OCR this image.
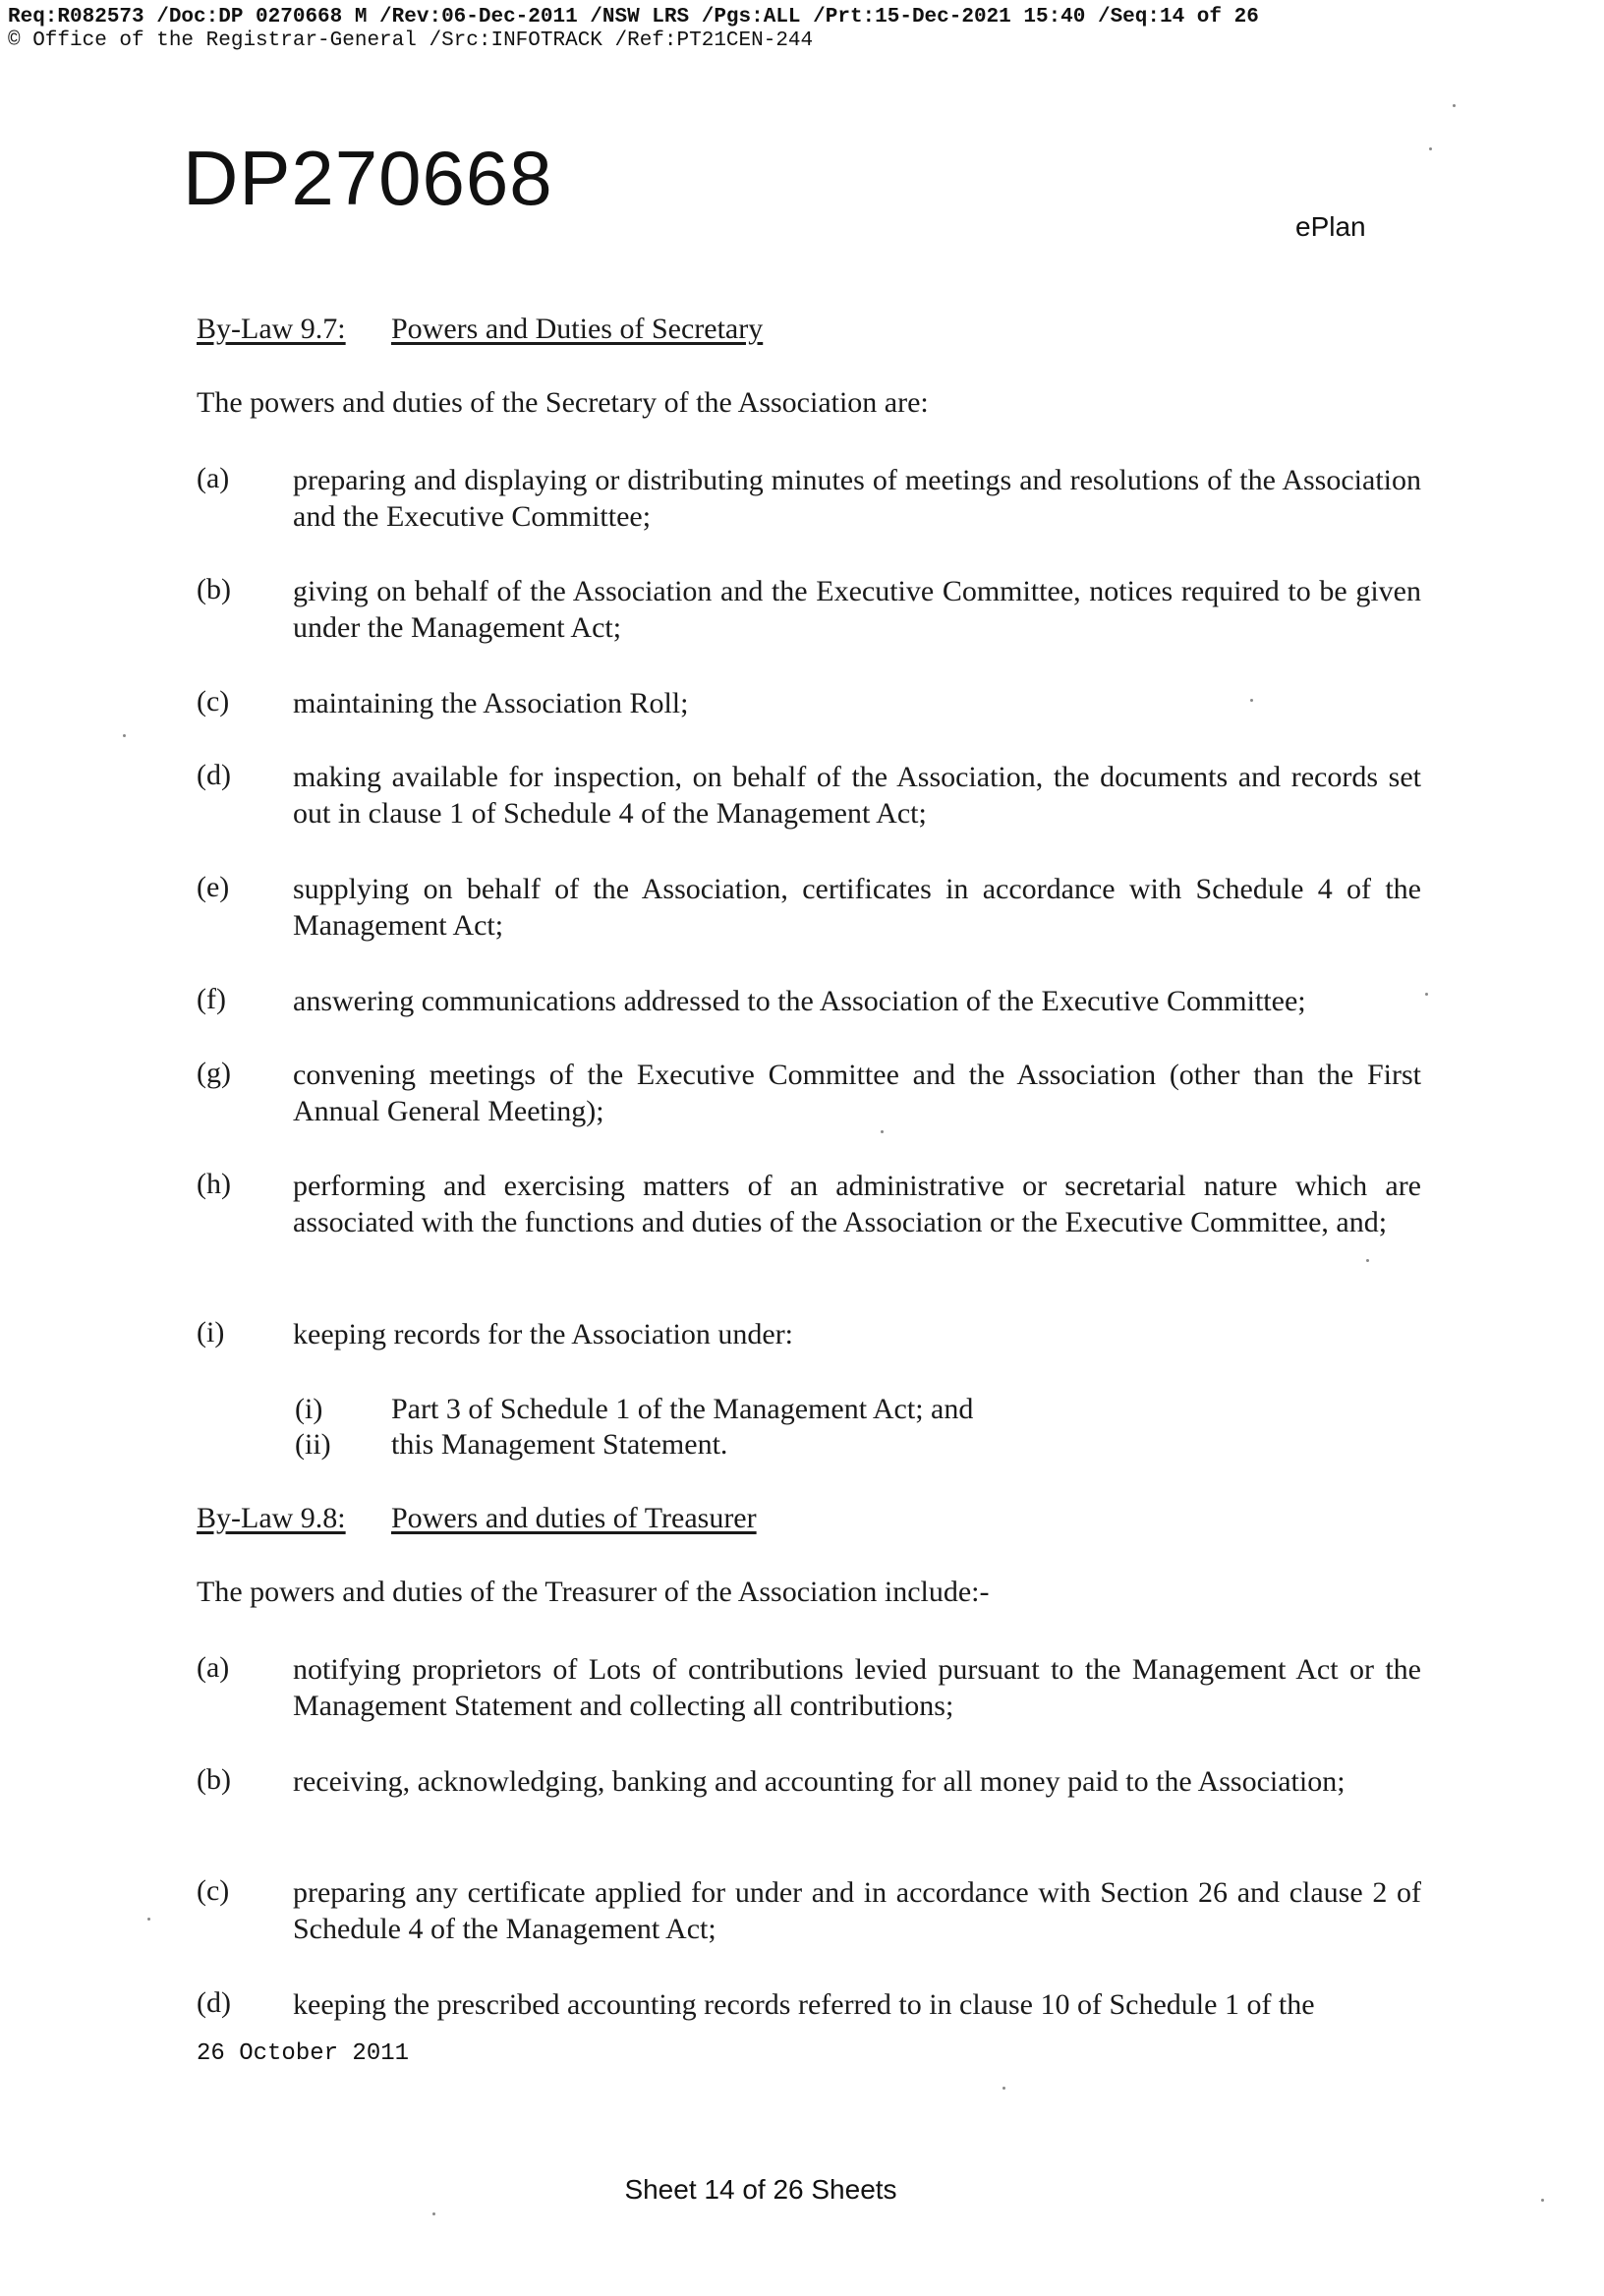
Req:R082573 /Doc:DP 0270668 M /Rev:06-Dec-2011 /NSW LRS /Pgs:ALL /Prt:15-Dec-2021 15:40 /Seq:14 of 26
© Office of the Registrar-General /Src:INFOTRACK /Ref:PT21CEN-244
DP270668
ePlan
By-Law 9.7: Powers and Duties of Secretary
The powers and duties of the Secretary of the Association are:
(a) preparing and displaying or distributing minutes of meetings and resolutions of the Association and the Executive Committee;
(b) giving on behalf of the Association and the Executive Committee, notices required to be given under the Management Act;
(c) maintaining the Association Roll;
(d) making available for inspection, on behalf of the Association, the documents and records set out in clause 1 of Schedule 4 of the Management Act;
(e) supplying on behalf of the Association, certificates in accordance with Schedule 4 of the Management Act;
(f) answering communications addressed to the Association of the Executive Committee;
(g) convening meetings of the Executive Committee and the Association (other than the First Annual General Meeting);
(h) performing and exercising matters of an administrative or secretarial nature which are associated with the functions and duties of the Association or the Executive Committee, and;
(i) keeping records for the Association under:
(i) Part 3 of Schedule 1 of the Management Act; and
(ii) this Management Statement.
By-Law 9.8: Powers and duties of Treasurer
The powers and duties of the Treasurer of the Association include:-
(a) notifying proprietors of Lots of contributions levied pursuant to the Management Act or the Management Statement and collecting all contributions;
(b) receiving, acknowledging, banking and accounting for all money paid to the Association;
(c) preparing any certificate applied for under and in accordance with Section 26 and clause 2 of Schedule 4 of the Management Act;
(d) keeping the prescribed accounting records referred to in clause 10 of Schedule 1 of the
26 October 2011
Sheet 14 of 26 Sheets
